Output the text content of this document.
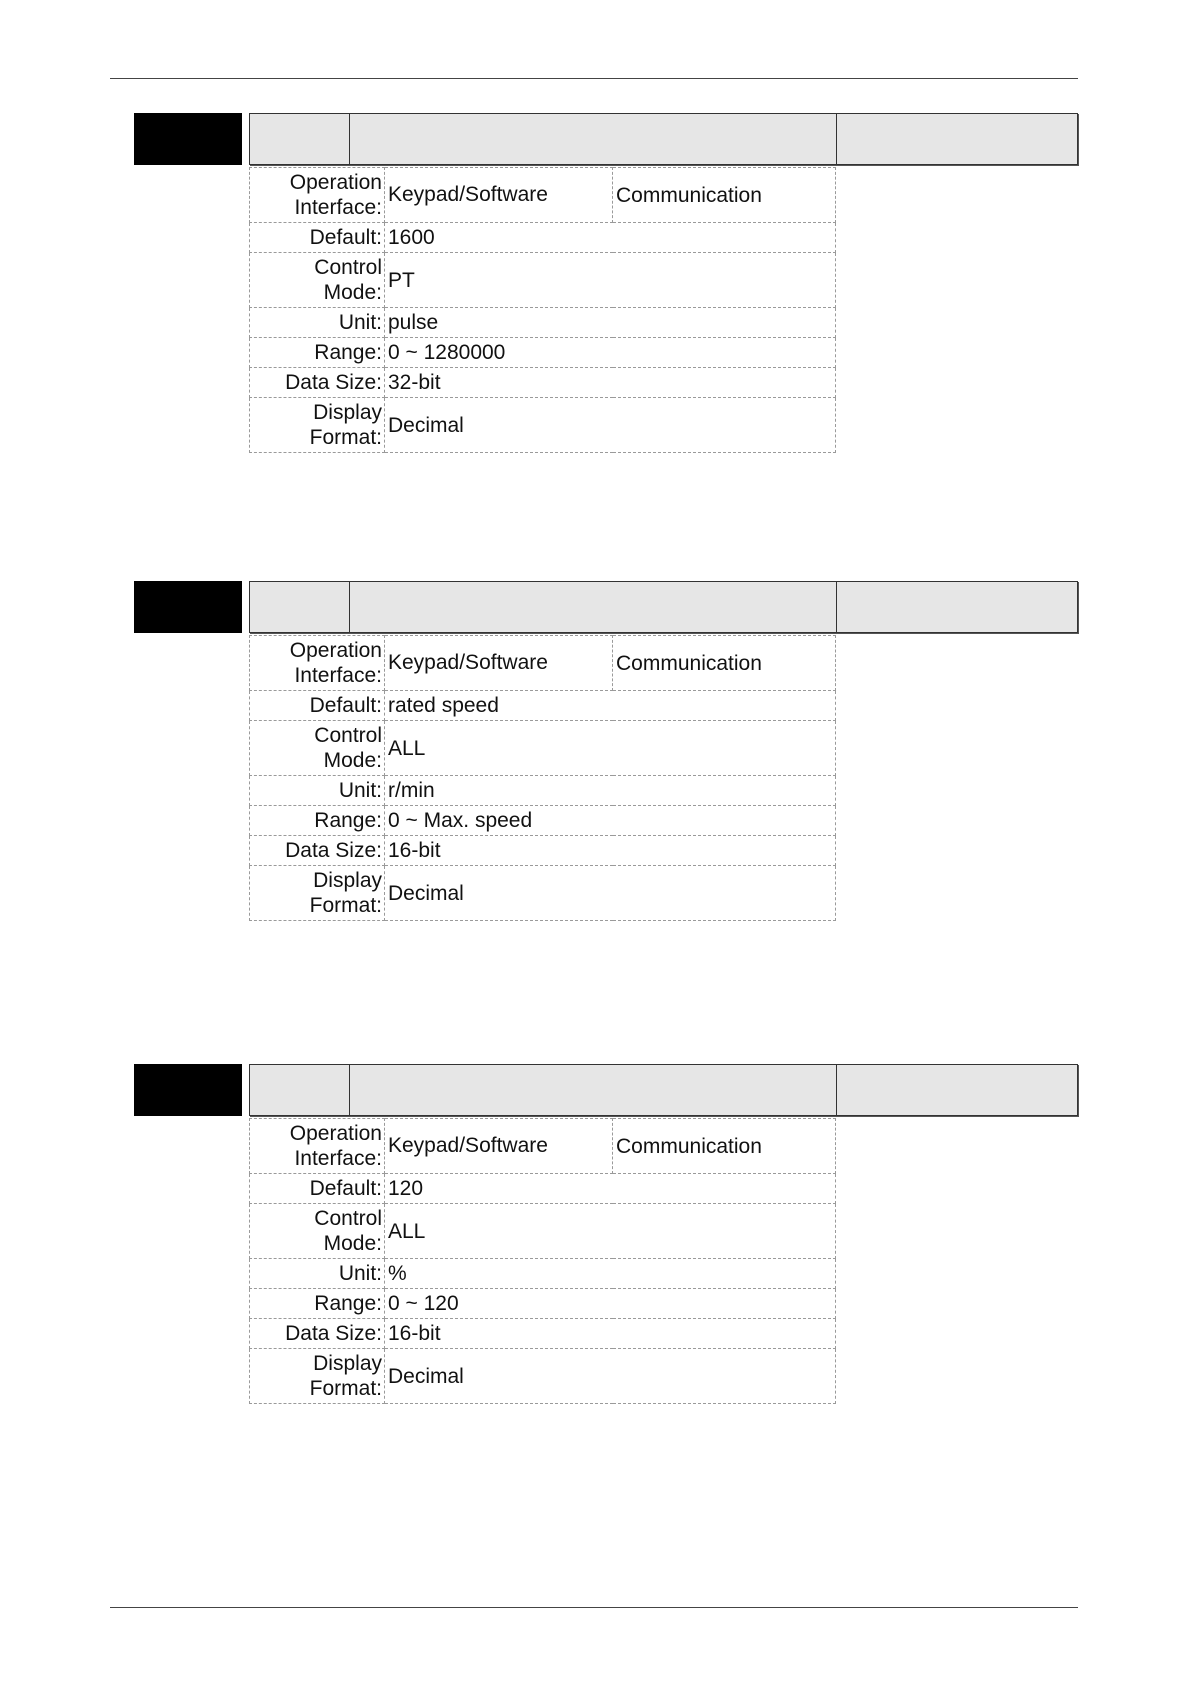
Operation
Interface:	Keypad/Software	Communication
Default:	1600	
Control
Mode:	PT	
Unit:	pulse	
Range:	0 ~ 1280000	
Data Size:	32-bit	
Display
Format:	Decimal	
Operation
Interface:	Keypad/Software	Communication
Default:	rated speed	
Control
Mode:	ALL	
Unit:	r/min	
Range:	0 ~ Max. speed	
Data Size:	16-bit	
Display
Format:	Decimal	
Operation
Interface:	Keypad/Software	Communication
Default:	120	
Control
Mode:	ALL	
Unit:	%	
Range:	0 ~ 120	
Data Size:	16-bit	
Display
Format:	Decimal	
